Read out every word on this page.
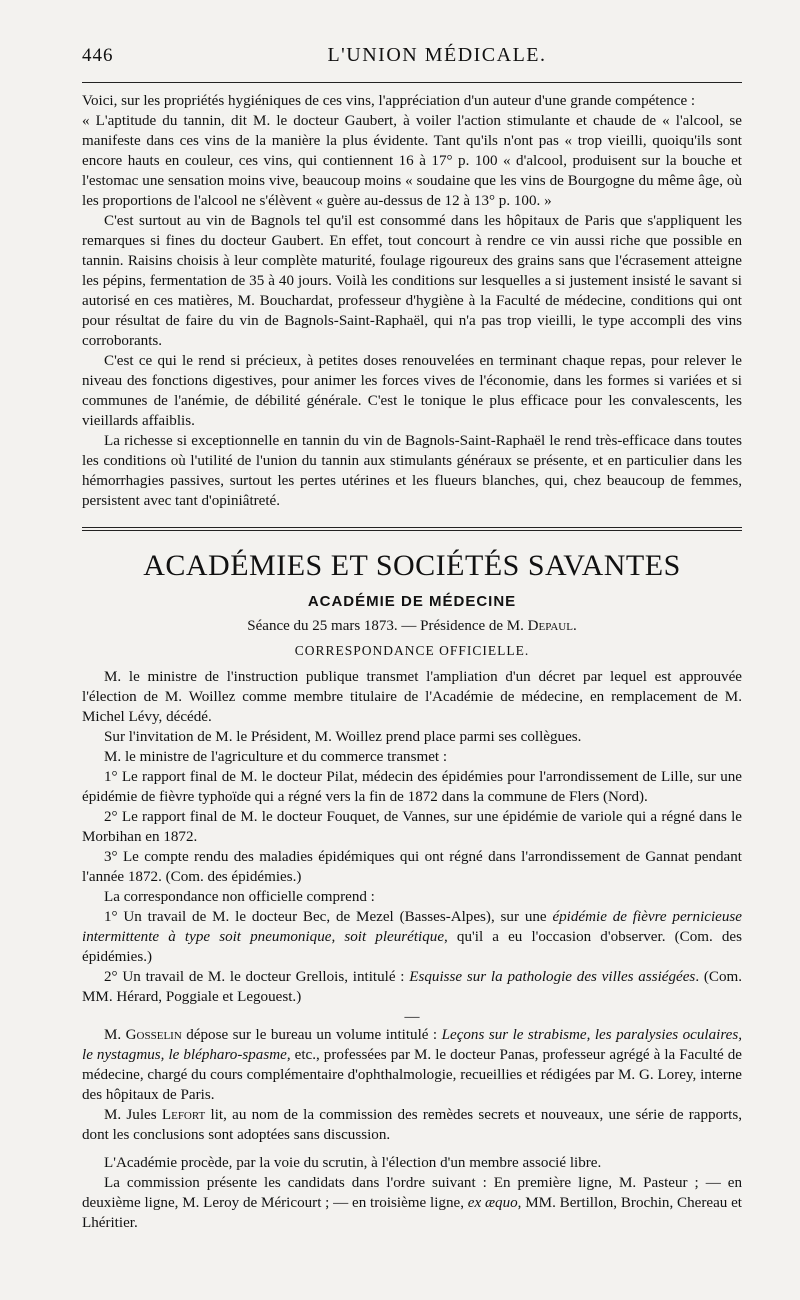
446	L'UNION MÉDICALE.

Voici, sur les propriétés hygiéniques de ces vins, l'appréciation d'un auteur d'une grande compétence :

« L'aptitude du tannin, dit M. le docteur Gaubert, à voiler l'action stimulante et chaude de « l'alcool, se manifeste dans ces vins de la manière la plus évidente. Tant qu'ils n'ont pas « trop vieilli, quoiqu'ils sont encore hauts en couleur, ces vins, qui contiennent 16 à 17° p. 100 « d'alcool, produisent sur la bouche et l'estomac une sensation moins vive, beaucoup moins « soudaine que les vins de Bourgogne du même âge, où les proportions de l'alcool ne s'élèvent « guère au-dessus de 12 à 13° p. 100. »

C'est surtout au vin de Bagnols tel qu'il est consommé dans les hôpitaux de Paris que s'appliquent les remarques si fines du docteur Gaubert. En effet, tout concourt à rendre ce vin aussi riche que possible en tannin. Raisins choisis à leur complète maturité, foulage rigoureux des grains sans que l'écrasement atteigne les pépins, fermentation de 35 à 40 jours. Voilà les conditions sur lesquelles a si justement insisté le savant si autorisé en ces matières, M. Bouchardat, professeur d'hygiène à la Faculté de médecine, conditions qui ont pour résultat de faire du vin de Bagnols-Saint-Raphaël, qui n'a pas trop vieilli, le type accompli des vins corroborants.

C'est ce qui le rend si précieux, à petites doses renouvelées en terminant chaque repas, pour relever le niveau des fonctions digestives, pour animer les forces vives de l'économie, dans les formes si variées et si communes de l'anémie, de débilité générale. C'est le tonique le plus efficace pour les convalescents, les vieillards affaiblis.

La richesse si exceptionnelle en tannin du vin de Bagnols-Saint-Raphaël le rend très-efficace dans toutes les conditions où l'utilité de l'union du tannin aux stimulants généraux se présente, et en particulier dans les hémorrhagies passives, surtout les pertes utérines et les flueurs blanches, qui, chez beaucoup de femmes, persistent avec tant d'opiniâtreté.

ACADÉMIES ET SOCIÉTÉS SAVANTES
ACADÉMIE DE MÉDECINE
Séance du 25 mars 1873. — Présidence de M. Depaul.
CORRESPONDANCE OFFICIELLE.

M. le ministre de l'instruction publique transmet l'ampliation d'un décret par lequel est approuvée l'élection de M. Woillez comme membre titulaire de l'Académie de médecine, en remplacement de M. Michel Lévy, décédé.

Sur l'invitation de M. le Président, M. Woillez prend place parmi ses collègues.

M. le ministre de l'agriculture et du commerce transmet :

1° Le rapport final de M. le docteur Pilat, médecin des épidémies pour l'arrondissement de Lille, sur une épidémie de fièvre typhoïde qui a régné vers la fin de 1872 dans la commune de Flers (Nord).

2° Le rapport final de M. le docteur Fouquet, de Vannes, sur une épidémie de variole qui a régné dans le Morbihan en 1872.

3° Le compte rendu des maladies épidémiques qui ont régné dans l'arrondissement de Gannat pendant l'année 1872. (Com. des épidémies.)

La correspondance non officielle comprend :

1° Un travail de M. le docteur Bec, de Mezel (Basses-Alpes), sur une épidémie de fièvre pernicieuse intermittente à type soit pneumonique, soit pleurétique, qu'il a eu l'occasion d'observer. (Com. des épidémies.)

2° Un travail de M. le docteur Grellois, intitulé : Esquisse sur la pathologie des villes assiégées. (Com. MM. Hérard, Poggiale et Legouest.)

—

M. Gosselin dépose sur le bureau un volume intitulé : Leçons sur le strabisme, les paralysies oculaires, le nystagmus, le blépharo-spasme, etc., professées par M. le docteur Panas, professeur agrégé à la Faculté de médecine, chargé du cours complémentaire d'ophthalmologie, recueillies et rédigées par M. G. Lorey, interne des hôpitaux de Paris.

M. Jules Lefort lit, au nom de la commission des remèdes secrets et nouveaux, une série de rapports, dont les conclusions sont adoptées sans discussion.

L'Académie procède, par la voie du scrutin, à l'élection d'un membre associé libre.

La commission présente les candidats dans l'ordre suivant : En première ligne, M. Pasteur ; — en deuxième ligne, M. Leroy de Méricourt ; — en troisième ligne, ex æquo, MM. Bertillon, Brochin, Chereau et Lhéritier.
